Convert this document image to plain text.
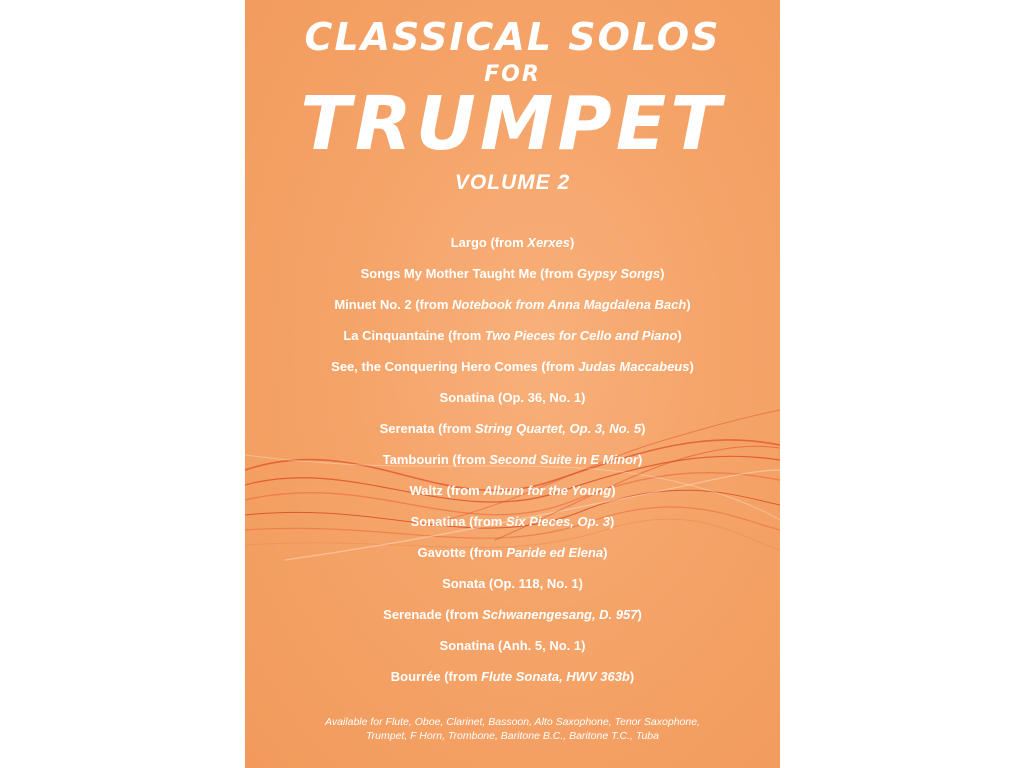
CLASSICAL SOLOS
FOR
TRUMPET
VOLUME 2
Largo (from Xerxes)
Songs My Mother Taught Me (from Gypsy Songs)
Minuet No. 2 (from Notebook from Anna Magdalena Bach)
La Cinquantaine (from Two Pieces for Cello and Piano)
See, the Conquering Hero Comes (from Judas Maccabeus)
Sonatina (Op. 36, No. 1)
Serenata (from String Quartet, Op. 3, No. 5)
Tambourin (from Second Suite in E Minor)
Waltz (from Album for the Young)
Sonatina (from Six Pieces, Op. 3)
Gavotte (from Paride ed Elena)
Sonata (Op. 118, No. 1)
Serenade (from Schwanengesang, D. 957)
Sonatina (Anh. 5, No. 1)
Bourrée (from Flute Sonata, HWV 363b)
Available for Flute, Oboe, Clarinet, Bassoon, Alto Saxophone, Tenor Saxophone,
Trumpet, F Horn, Trombone, Baritone B.C., Baritone T.C., Tuba
